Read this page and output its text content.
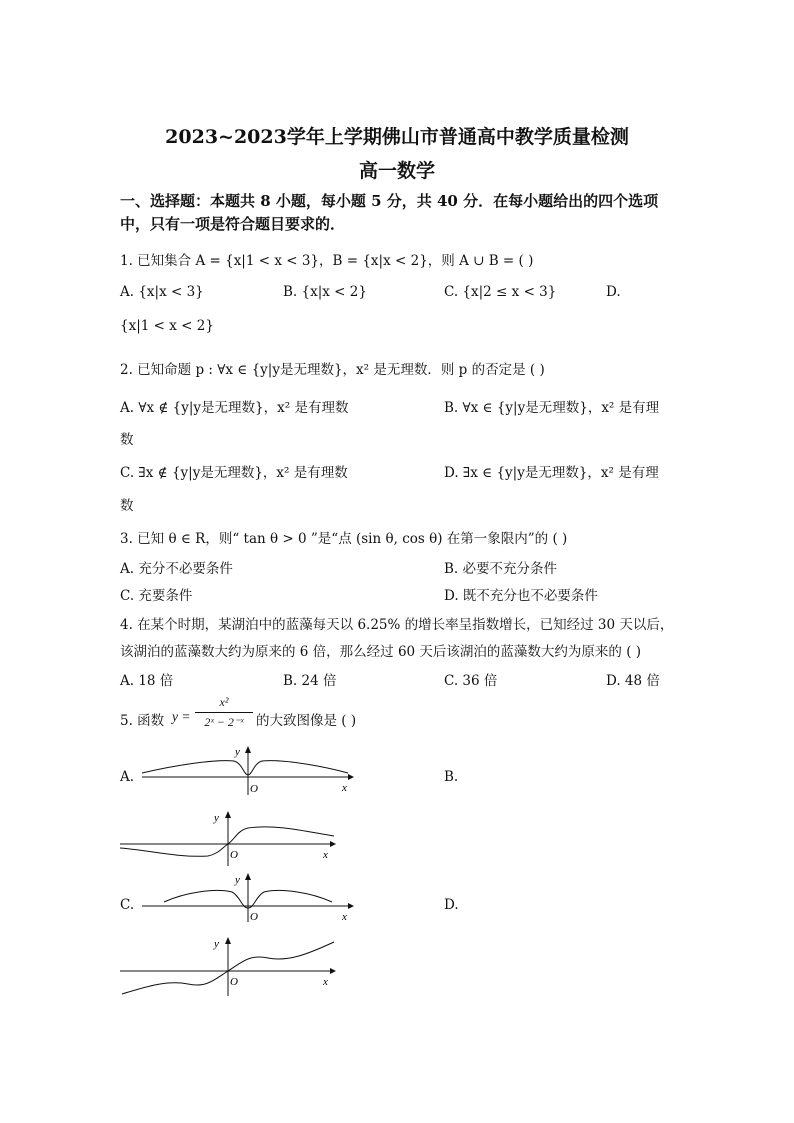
2023~2023学年上学期佛山市普通高中教学质量检测
高一数学
一、选择题：本题共 8 小题，每小题 5 分，共 40 分．在每小题给出的四个选项
中，只有一项是符合题目要求的．
1. 已知集合 A = {x|1 < x < 3}，B = {x|x < 2}，则 A ∪ B = ( )
A. {x|x < 3}	B. {x|x < 2}	C. {x|2 ≤ x < 3}	D.
{x|1 < x < 2}
2. 已知命题 p : ∀x ∈ {y|y是无理数}，x² 是无理数．则 p 的否定是 ( )
A. ∀x ∉ {y|y是无理数}，x² 是有理数	B. ∀x ∈ {y|y是无理数}，x² 是有理
数
C. ∃x ∉ {y|y是无理数}，x² 是有理数	D. ∃x ∈ {y|y是无理数}，x² 是有理
数
3. 已知 θ ∈ R，则“ tan θ > 0 ”是“点 (sin θ, cos θ) 在第一象限内”的 ( )
A. 充分不必要条件	B. 必要不充分条件
C. 充要条件	D. 既不充分也不必要条件
4. 在某个时期，某湖泊中的蓝藻每天以 6.25% 的增长率呈指数增长，已知经过 30 天以后，
该湖泊的蓝藻数大约为原来的 6 倍，那么经过 60 天后该湖泊的蓝藻数大约为原来的 ( )
A. 18 倍	B. 24 倍	C. 36 倍	D. 48 倍
5. 函数 y =
x²
2ˣ − 2⁻ˣ 的大致图像是 ( )
A.	B.
C.	D.
y
x
O
y
x
O
y
x
O
y
x
O
